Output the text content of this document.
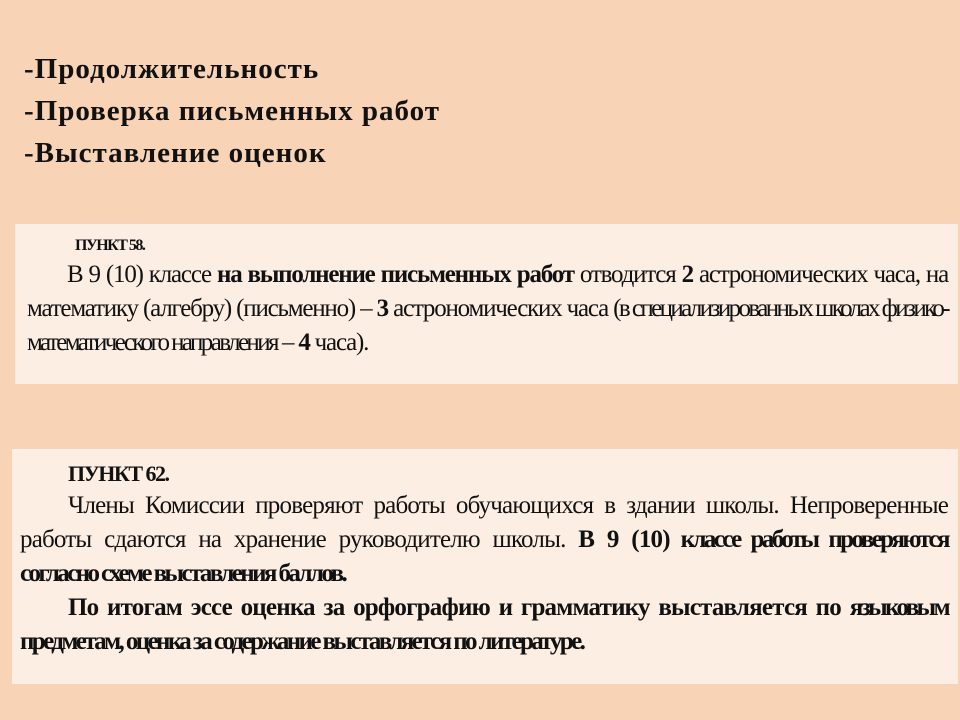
-Продолжительность
-Проверка письменных работ
-Выставление оценок
ПУНКТ 58.
В 9 (10) классе на выполнение письменных работ отводится 2 астрономических часа, на математику (алгебру) (письменно) – 3 астрономических часа (в специализированных школах физико-математического направления – 4 часа).
ПУНКТ 62.
Члены Комиссии проверяют работы обучающихся в здании школы. Непроверенные работы сдаются на хранение руководителю школы. В 9 (10) классе работы проверяются согласно схеме выставления баллов.
По итогам эссе оценка за орфографию и грамматику выставляется по языковым предметам, оценка за содержание выставляется по литературе.
